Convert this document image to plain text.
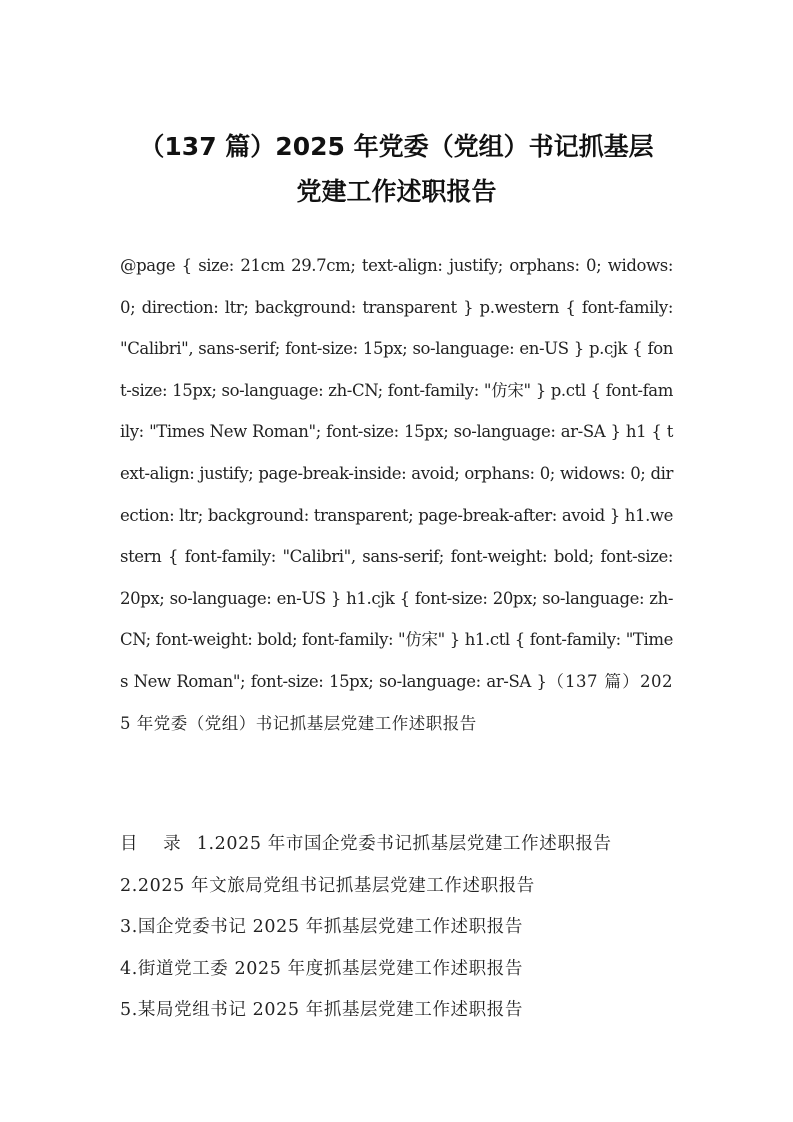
（137 篇）2025 年党委（党组）书记抓基层
党建工作述职报告
@page { size: 21cm 29.7cm; text-align: justify; orphans: 0; widows: 0; direction: ltr; background: transparent } p.western { font-family: "Calibri", sans-serif; font-size: 15px; so-language: en-US } p.cjk { font-size: 15px; so-language: zh-CN; font-family: "仿宋" } p.ctl { font-family: "Times New Roman"; font-size: 15px; so-language: ar-SA } h1 { text-align: justify; page-break-inside: avoid; orphans: 0; widows: 0; direction: ltr; background: transparent; page-break-after: avoid } h1.western { font-family: "Calibri", sans-serif; font-weight: bold; font-size: 20px; so-language: en-US } h1.cjk { font-size: 20px; so-language: zh-CN; font-weight: bold; font-family: "仿宋" } h1.ctl { font-family: "Times New Roman"; font-size: 15px; so-language: ar-SA }（137 篇）2025 年党委（党组）书记抓基层党建工作述职报告
目 录 1.2025 年市国企党委书记抓基层党建工作述职报告
2.2025 年文旅局党组书记抓基层党建工作述职报告
3.国企党委书记 2025 年抓基层党建工作述职报告
4.街道党工委 2025 年度抓基层党建工作述职报告
5.某局党组书记 2025 年抓基层党建工作述职报告
